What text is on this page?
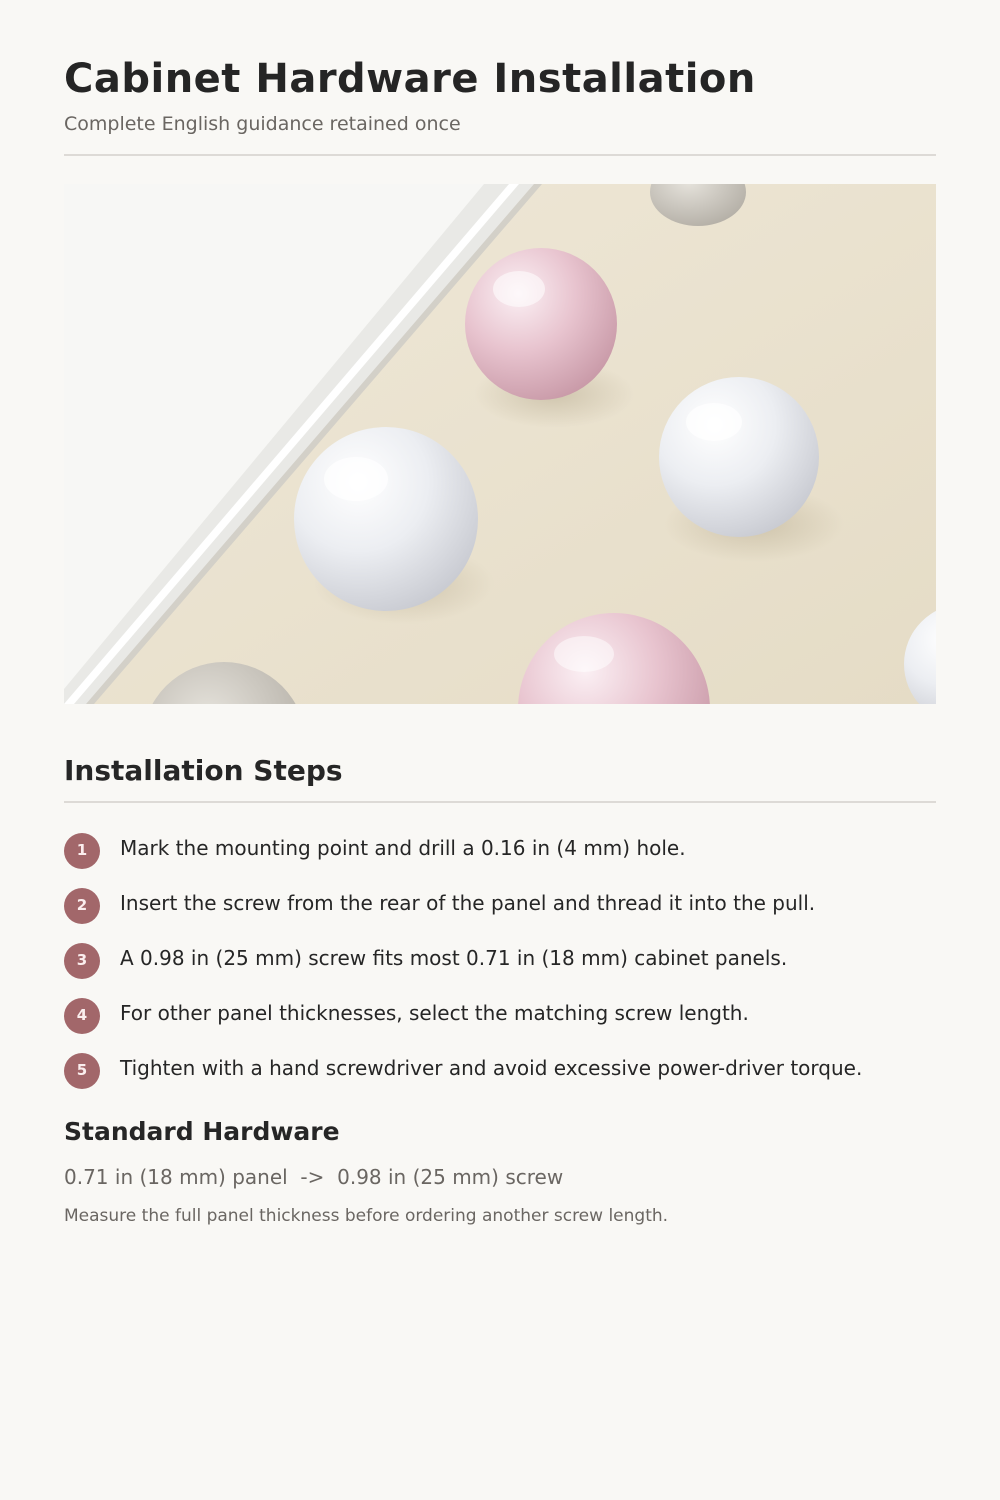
Cabinet Hardware Installation
Complete English guidance retained once
Installation Steps
1	Mark the mounting point and drill a 0.16 in (4 mm) hole.
2	Insert the screw from the rear of the panel and thread it into the pull.
3	A 0.98 in (25 mm) screw fits most 0.71 in (18 mm) cabinet panels.
4	For other panel thicknesses, select the matching screw length.
5	Tighten with a hand screwdriver and avoid excessive power-driver torque.
Standard Hardware
0.71 in (18 mm) panel  ->  0.98 in (25 mm) screw
Measure the full panel thickness before ordering another screw length.
